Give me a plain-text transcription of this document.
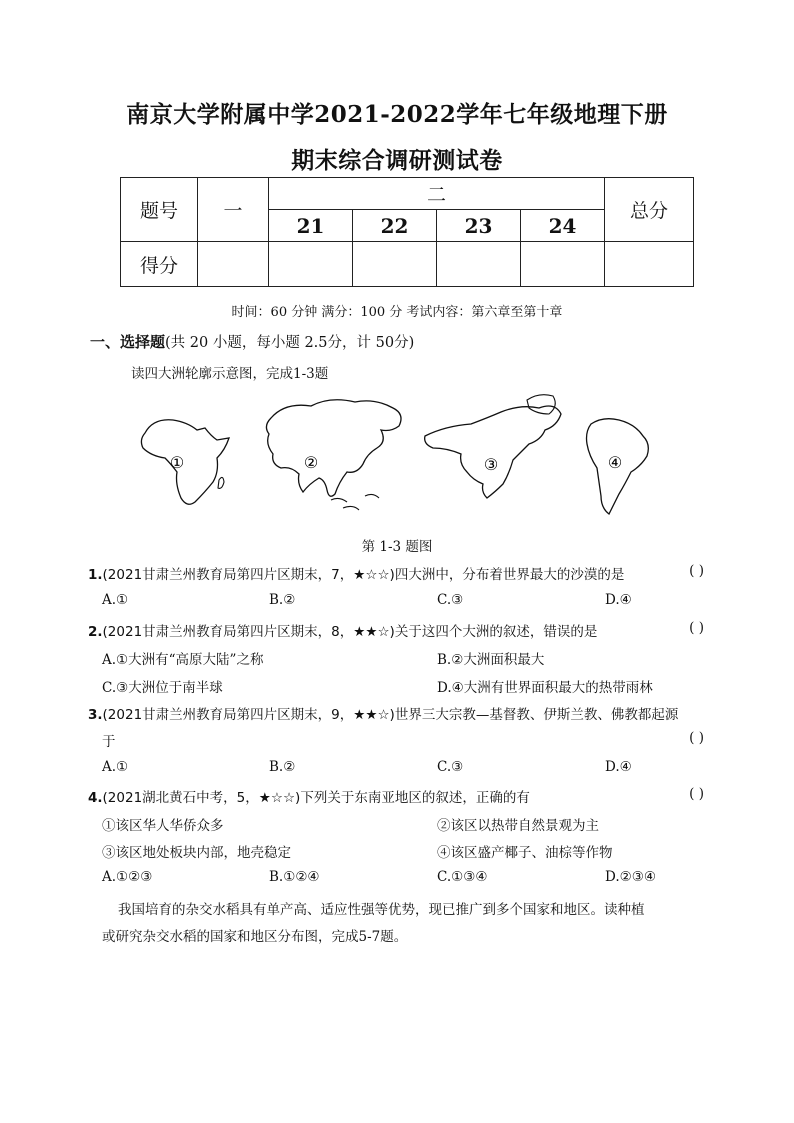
南京大学附属中学2021-2022学年七年级地理下册
期末综合调研测试卷
题号	一	二				总分
		21	22	23	24	
得分						
时间：60 分钟 满分：100 分 考试内容：第六章至第十章
一、选择题(共 20 小题，每小题 2.5分，计 50分)
读四大洲轮廓示意图，完成1-3题
①	②	③	④
第 1-3 题图
1.(2021甘肃兰州教育局第四片区期末，7，★☆☆)四大洲中，分布着世界最大的沙漠的是	( )
A.①	B.②	C.③	D.④
2.(2021甘肃兰州教育局第四片区期末，8，★★☆)关于这四个大洲的叙述，错误的是	( )
A.①大洲有“高原大陆”之称	B.②大洲面积最大
C.③大洲位于南半球	D.④大洲有世界面积最大的热带雨林
3.(2021甘肃兰州教育局第四片区期末，9，★★☆)世界三大宗教—基督教、伊斯兰教、佛教都起源
于	( )
A.①	B.②	C.③	D.④
4.(2021湖北黄石中考，5，★☆☆)下列关于东南亚地区的叙述，正确的有	( )
①该区华人华侨众多	②该区以热带自然景观为主
③该区地处板块内部，地壳稳定	④该区盛产椰子、油棕等作物
A.①②③	B.①②④	C.①③④	D.②③④
我国培育的杂交水稻具有单产高、适应性强等优势，现已推广到多个国家和地区。读种植
或研究杂交水稻的国家和地区分布图，完成5-7题。
